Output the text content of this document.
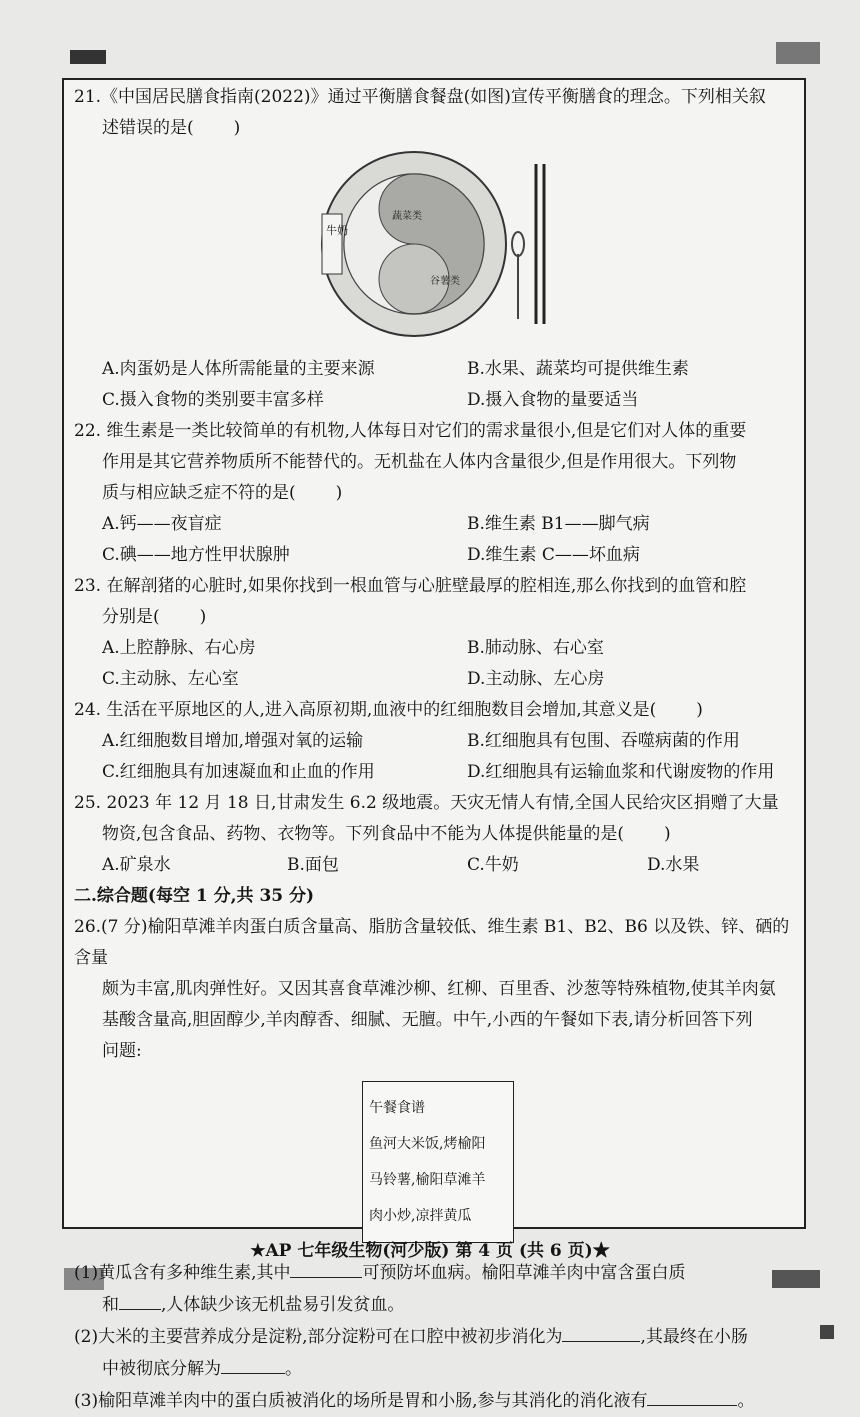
21.《中国居民膳食指南(2022)》通过平衡膳食餐盘(如图)宣传平衡膳食的理念。下列相关叙

述错误的是( )

蔬菜类
谷薯类
牛奶
A.肉蛋奶是人体所需能量的主要来源	B.水果、蔬菜均可提供维生素
C.摄入食物的类别要丰富多样	D.摄入食物的量要适当

22. 维生素是一类比较简单的有机物,人体每日对它们的需求量很小,但是它们对人体的重要

作用是其它营养物质所不能替代的。无机盐在人体内含量很少,但是作用很大。下列物

质与相应缺乏症不符的是( )

A.钙——夜盲症	B.维生素 B1——脚气病
C.碘——地方性甲状腺肿	D.维生素 C——坏血病

23. 在解剖猪的心脏时,如果你找到一根血管与心脏壁最厚的腔相连,那么你找到的血管和腔

分别是( )

A.上腔静脉、右心房	B.肺动脉、右心室
C.主动脉、左心室	D.主动脉、左心房

24. 生活在平原地区的人,进入高原初期,血液中的红细胞数目会增加,其意义是( )

A.红细胞数目增加,增强对氧的运输	B.红细胞具有包围、吞噬病菌的作用
C.红细胞具有加速凝血和止血的作用	D.红细胞具有运输血浆和代谢废物的作用

25. 2023 年 12 月 18 日,甘肃发生 6.2 级地震。天灾无情人有情,全国人民给灾区捐赠了大量

物资,包含食品、药物、衣物等。下列食品中不能为人体提供能量的是( )

A.矿泉水	B.面包	C.牛奶	D.水果

二.综合题(每空 1 分,共 35 分)

26.(7 分)榆阳草滩羊肉蛋白质含量高、脂肪含量较低、维生素 B1、B2、B6 以及铁、锌、硒的含量

颇为丰富,肌肉弹性好。又因其喜食草滩沙柳、红柳、百里香、沙葱等特殊植物,使其羊肉氨

基酸含量高,胆固醇少,羊肉醇香、细腻、无膻。中午,小西的午餐如下表,请分析回答下列

问题:

午餐食谱
鱼河大米饭,烤榆阳
马铃薯,榆阳草滩羊
肉小炒,凉拌黄瓜

(1)黄瓜含有多种维生素,其中	可预防坏血病。榆阳草滩羊肉中富含蛋白质

和 ,人体缺少该无机盐易引发贫血。

(2)大米的主要营养成分是淀粉,部分淀粉可在口腔中被初步消化为	,其最终在小肠

中被彻底分解为	。

(3)榆阳草滩羊肉中的蛋白质被消化的场所是胃和小肠,参与其消化的消化液有	。

★AP 七年级生物(河少版) 第 4 页 (共 6 页)★
